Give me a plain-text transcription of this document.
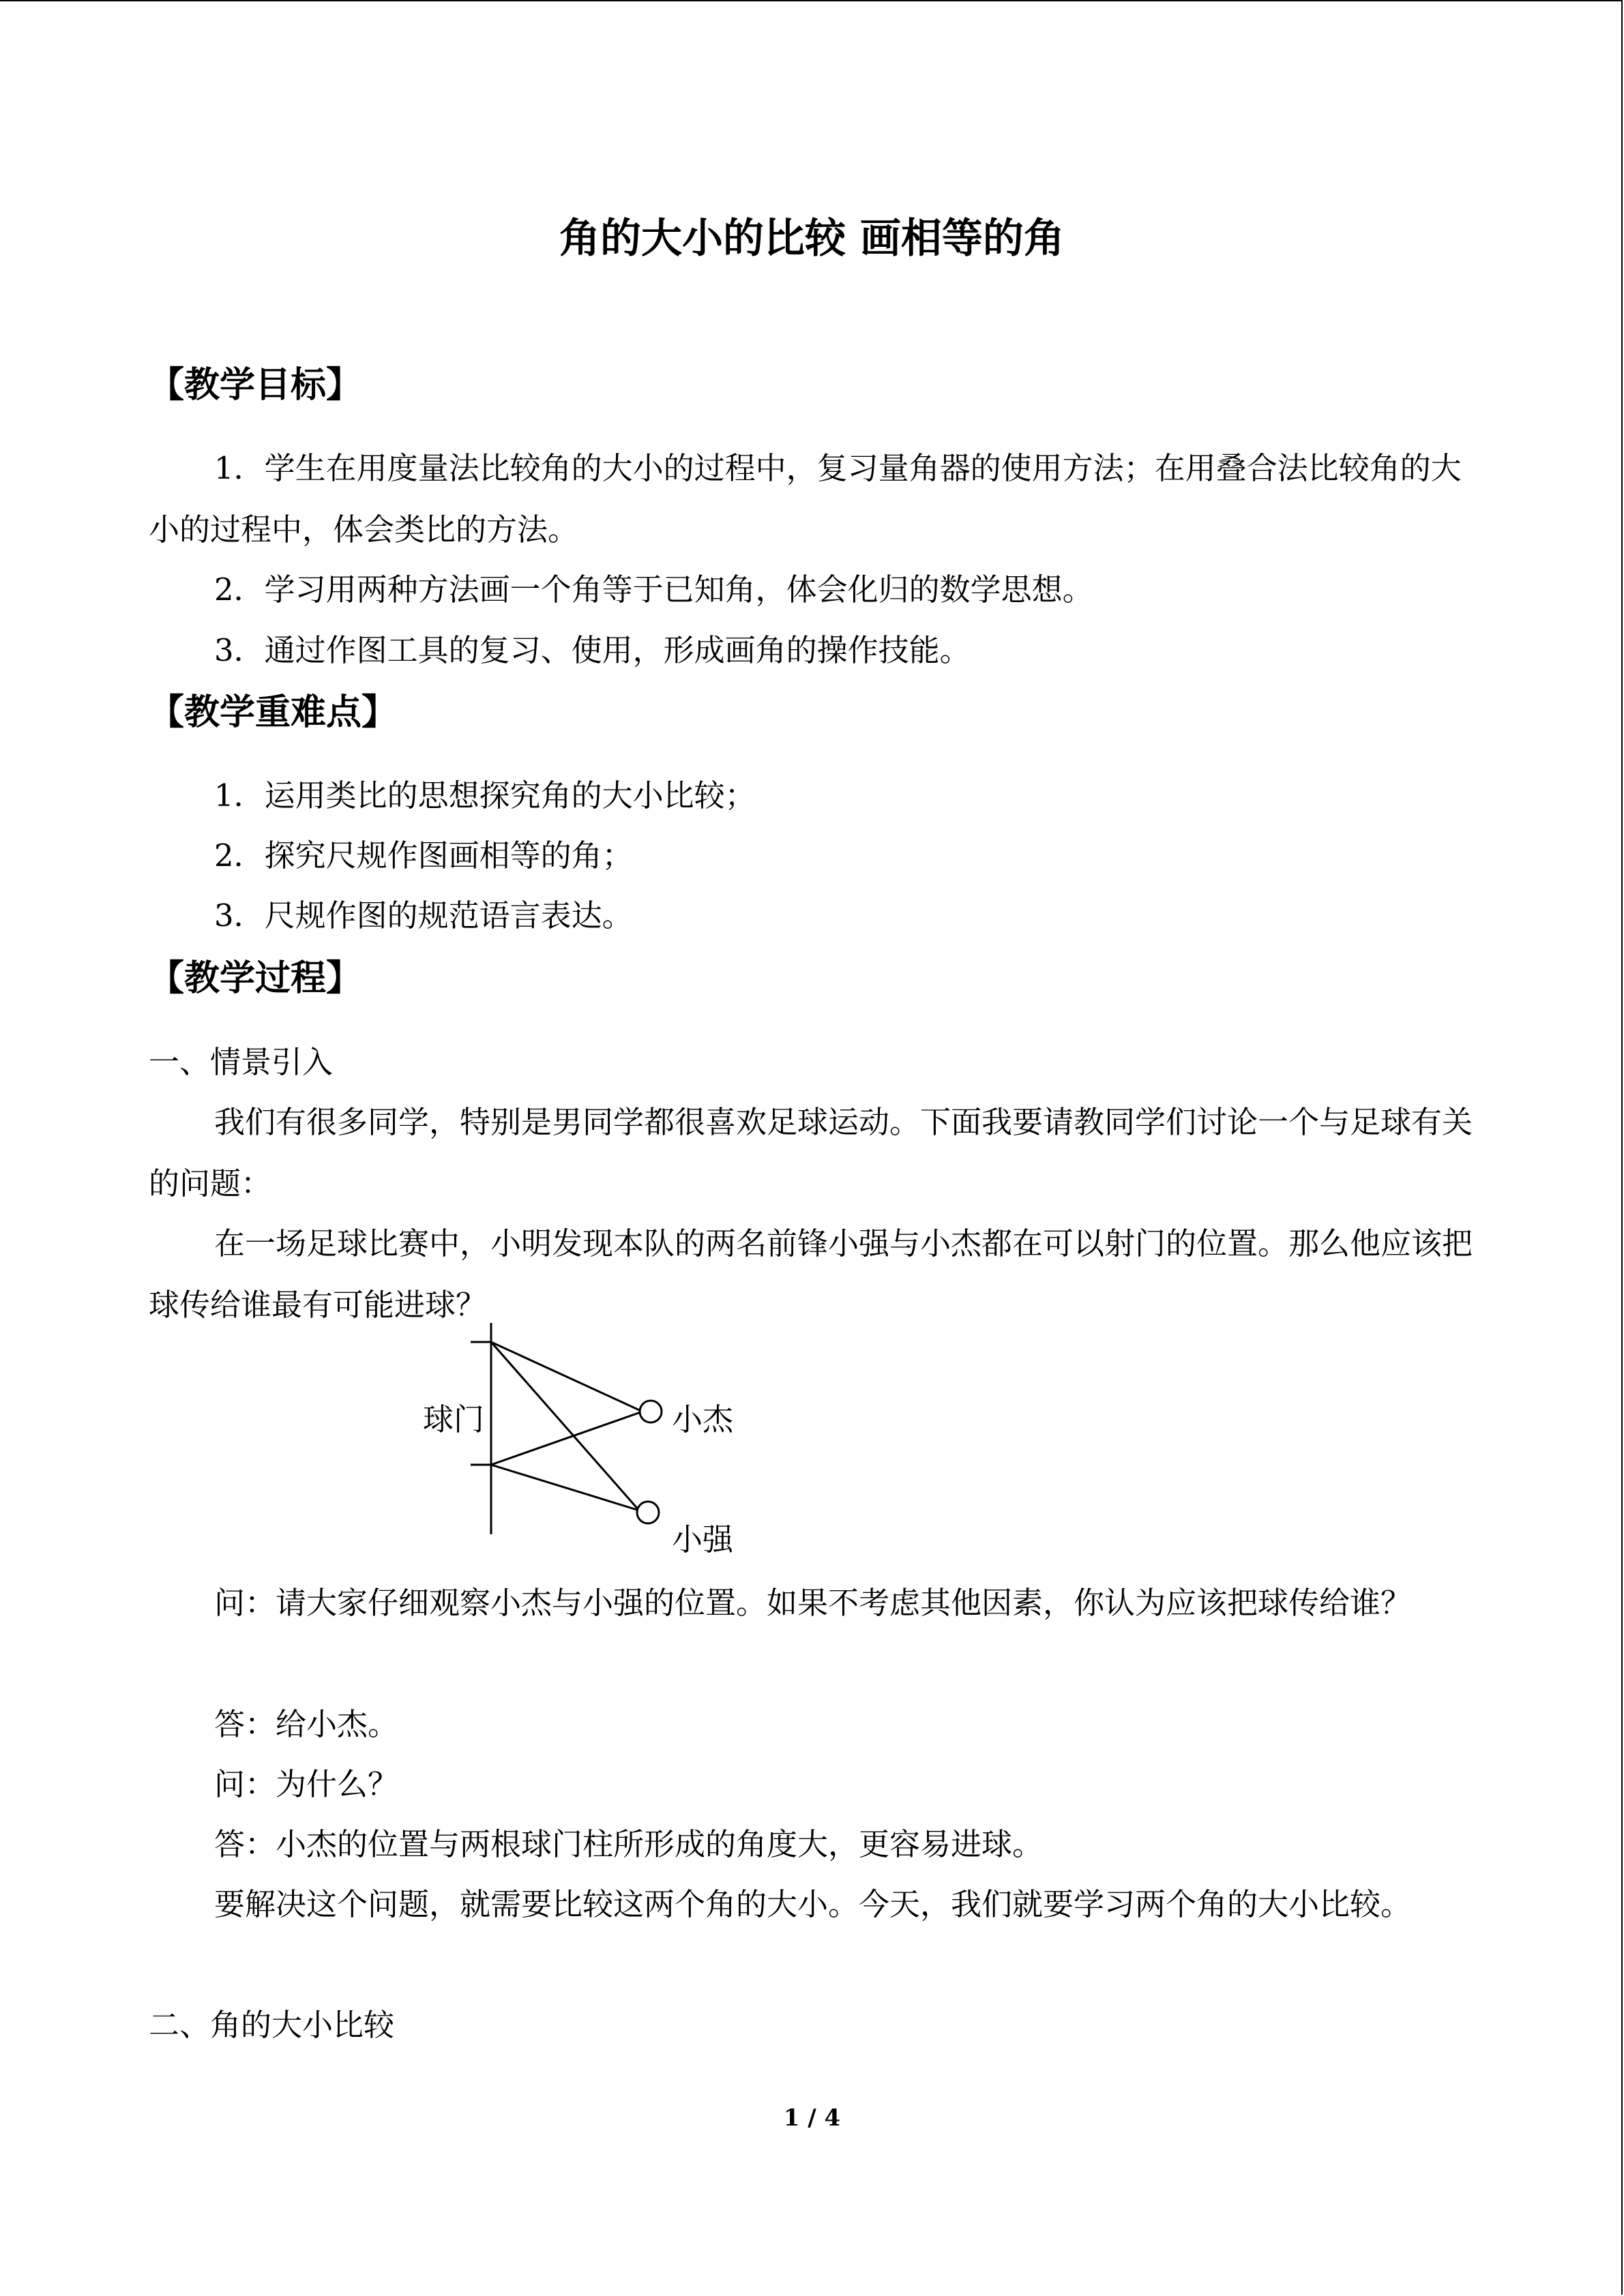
角的大小的比较 画相等的角
【教学目标】

1．学生在用度量法比较角的大小的过程中，复习量角器的使用方法；在用叠合法比较角的大小的过程中，体会类比的方法。

2．学习用两种方法画一个角等于已知角，体会化归的数学思想。

3．通过作图工具的复习、使用，形成画角的操作技能。

【教学重难点】

1．运用类比的思想探究角的大小比较；

2．探究尺规作图画相等的角；

3．尺规作图的规范语言表达。

【教学过程】

一、情景引入

我们有很多同学，特别是男同学都很喜欢足球运动。下面我要请教同学们讨论一个与足球有关的问题：

在一场足球比赛中，小明发现本队的两名前锋小强与小杰都在可以射门的位置。那么他应该把球传给谁最有可能进球？

球门	小杰
小强

问：请大家仔细观察小杰与小强的位置。如果不考虑其他因素，你认为应该把球传给谁？

答：给小杰。

问：为什么？

答：小杰的位置与两根球门柱所形成的角度大，更容易进球。

要解决这个问题，就需要比较这两个角的大小。今天，我们就要学习两个角的大小比较。

二、角的大小比较

1 / 4
